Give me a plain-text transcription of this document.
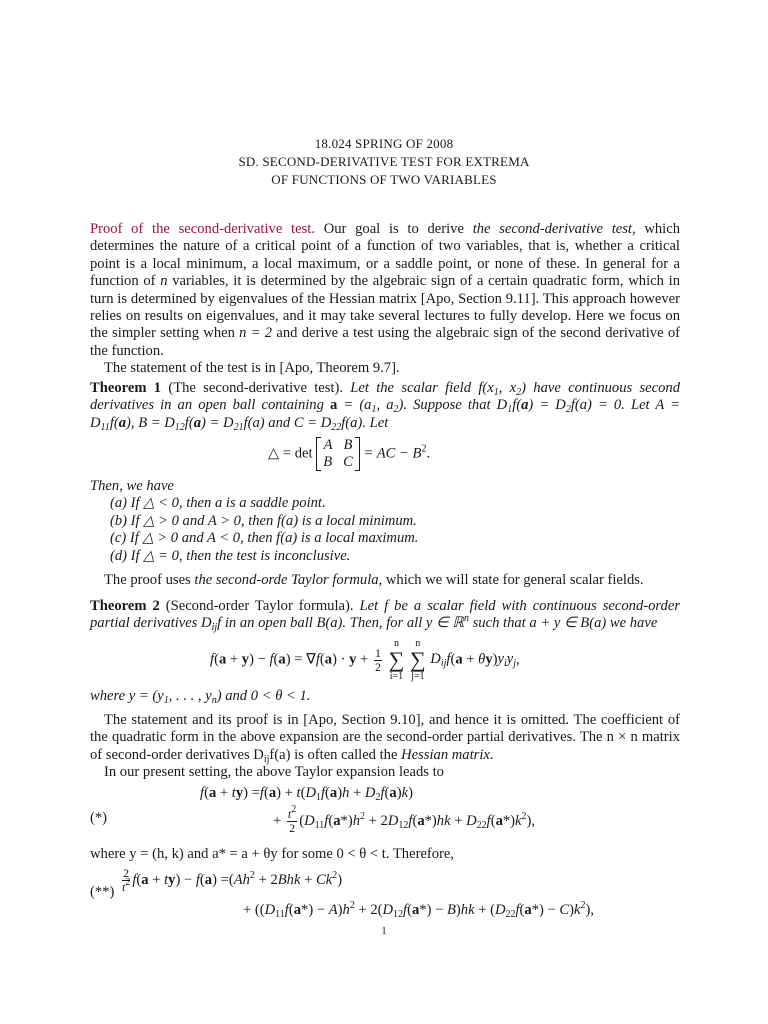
18.024 SPRING OF 2008
SD. SECOND-DERIVATIVE TEST FOR EXTREMA
OF FUNCTIONS OF TWO VARIABLES
Proof of the second-derivative test. Our goal is to derive the second-derivative test, which determines the nature of a critical point of a function of two variables, that is, whether a critical point is a local minimum, a local maximum, or a saddle point, or none of these. In general for a function of n variables, it is determined by the algebraic sign of a certain quadratic form, which in turn is determined by eigenvalues of the Hessian matrix [Apo, Section 9.11]. This approach however relies on results on eigenvalues, and it may take several lectures to fully develop. Here we focus on the simpler setting when n = 2 and derive a test using the algebraic sign of the second derivative of the function.
The statement of the test is in [Apo, Theorem 9.7].
Theorem 1 (The second-derivative test). Let the scalar field $f(x_1$, $x_2$) have continuous second derivatives in an open ball containing $a = (a_1$, $a_2$). Suppose that $D_1f(a) = D_2f(a) = 0$. Let $A = D_{11}f(a)$, $B = D_{12}f(a) = D_{21}f(a)$ and $C = D_{22}f(a)$. Let
△ = det A B
B C = AC − $B^2$.
Then, we have
(a) If △ < 0, then a is a saddle point.
(b) If △ > 0 and A > 0, then f(a) is a local minimum.
(c) If △ > 0 and A < 0, then f(a) is a local maximum.
(d) If △ = 0, then the test is inconclusive.
The proof uses the second-orde Taylor formula, which we will state for general scalar fields.
Theorem 2 (Second-order Taylor formula). Let f be a scalar field with continuous second-order partial derivatives $D_{ij}f$ in an open ball B(a). Then, for all y ∈ ℝ$^n$ such that a + y ∈ B(a) we have
$f(a + y) - f(a) = \nabla f(a) \cdot y + \frac{1}{2}$

n
∑
i=1

n
∑
j=1
$D_{ij}f(a + \theta y)y_iy_j$,
where $y = (y_1$, . . . , $y_n$) and 0 < θ < 1.
The statement and its proof is in [Apo, Section 9.10], and hence it is omitted. The coefficient of the quadratic form in the above expansion are the second-order partial derivatives. The n × n matrix of second-order derivatives $D_{ij}f(a)$ is often called the Hessian matrix.
In our present setting, the above Taylor expansion leads to
$f(a + ty) =f(a) + t(D_1f(a)h + D_2f(a)k)$
(*)	+ $\frac{t^2}{2} (D_{11}f(a*)h^2 + 2D_{12}f(a*)hk + D_{22}f(a*)k^2)$,
where y = (h, k) and a* = a + θy for some 0 < θ < t. Therefore,
$\frac{2}{t^2} f(a + ty) - f(a) =(Ah^2 + 2Bhk + Ck^2)$
(**)
+ $((D_{11}f(a*) - A)h^2 + 2(D_{12}f(a*) - B)hk + (D_{22}f(a*) - C)k^2)$,
1
